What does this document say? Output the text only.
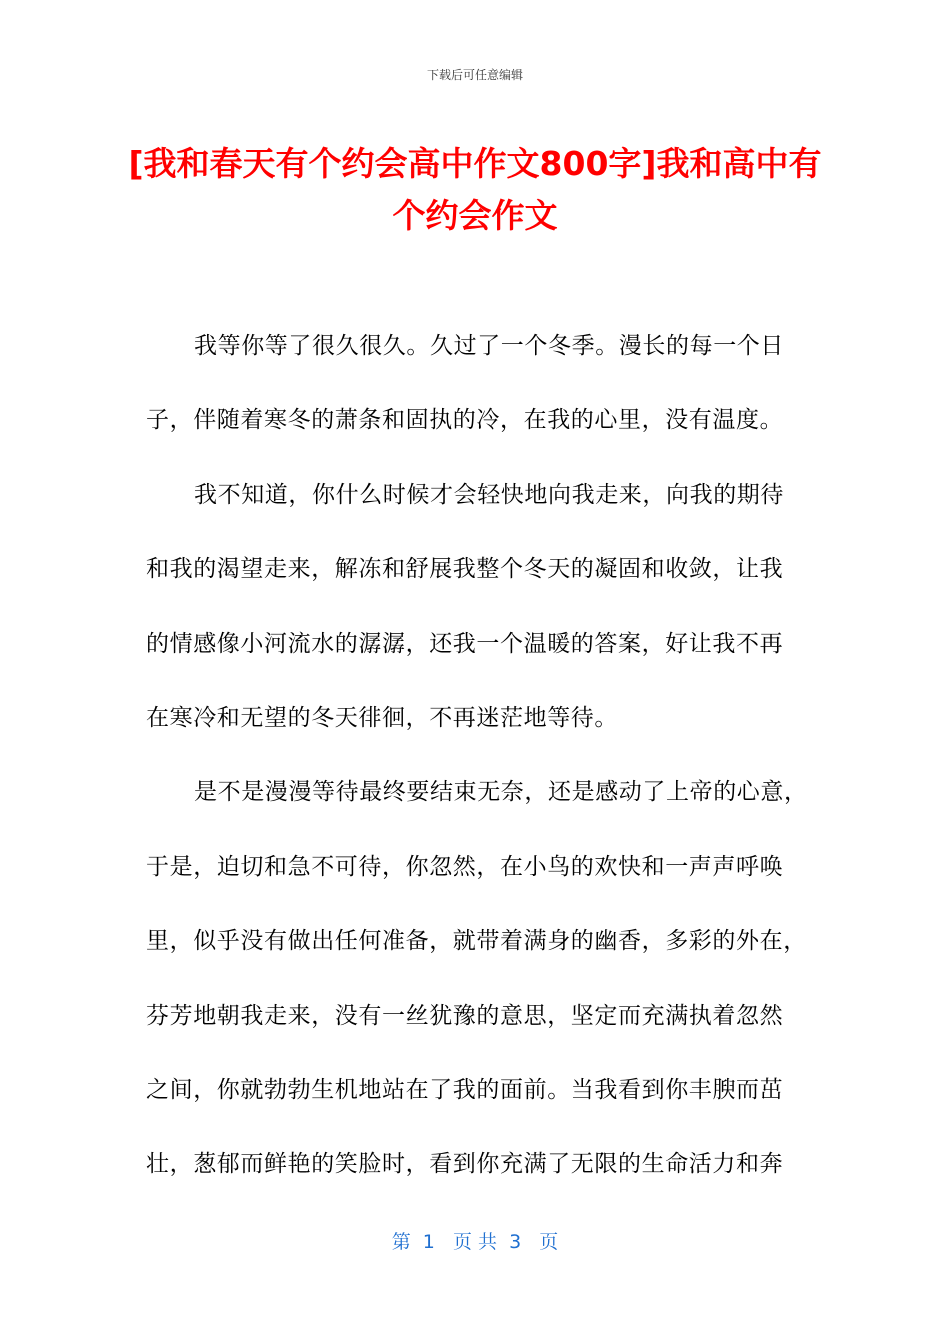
下载后可任意编辑
[我和春天有个约会高中作文800字]我和高中有个约会作文
我等你等了很久很久。久过了一个冬季。漫长的每一个日
子，伴随着寒冬的萧条和固执的冷，在我的心里，没有温度。
我不知道，你什么时候才会轻快地向我走来，向我的期待
和我的渴望走来，解冻和舒展我整个冬天的凝固和收敛，让我
的情感像小河流水的潺潺，还我一个温暖的答案，好让我不再
在寒冷和无望的冬天徘徊，不再迷茫地等待。
是不是漫漫等待最终要结束无奈，还是感动了上帝的心意，
于是，迫切和急不可待，你忽然，在小鸟的欢快和一声声呼唤
里，似乎没有做出任何准备，就带着满身的幽香，多彩的外在，
芬芳地朝我走来，没有一丝犹豫的意思，坚定而充满执着忽然
之间，你就勃勃生机地站在了我的面前。当我看到你丰腴而茁
壮，葱郁而鲜艳的笑脸时，看到你充满了无限的生命活力和奔
第  1   页 共  3   页
